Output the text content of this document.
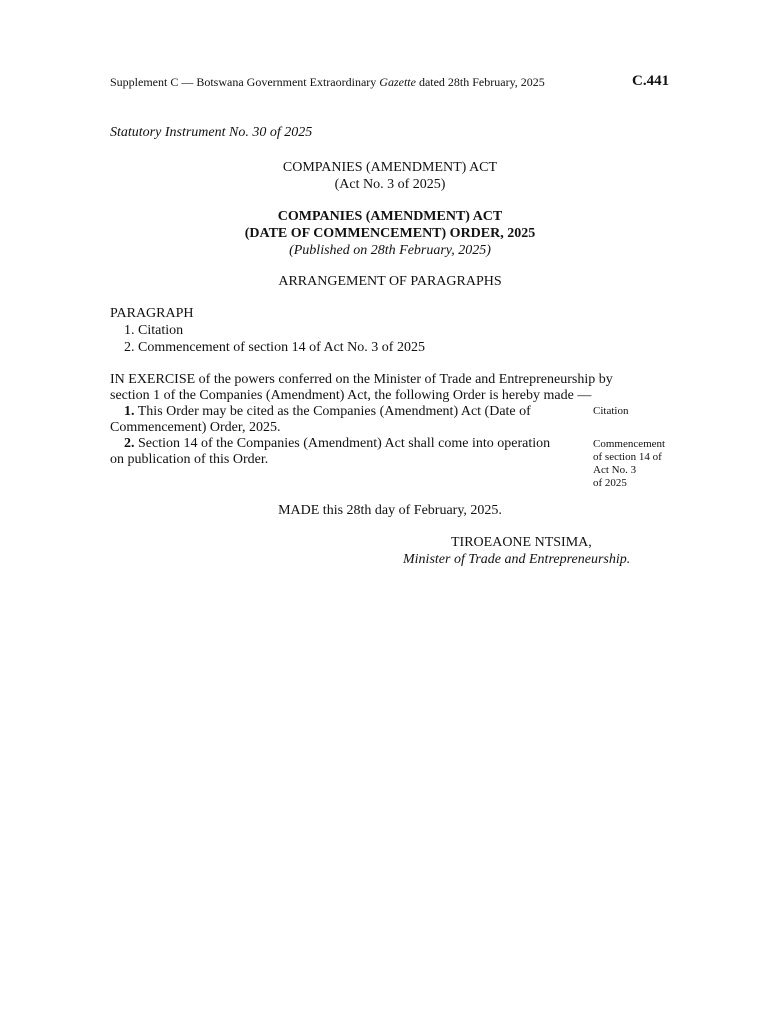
Supplement C — Botswana Government Extraordinary Gazette dated 28th February, 2025	C.441
Statutory Instrument No. 30 of 2025
COMPANIES (AMENDMENT) ACT
(Act No. 3 of 2025)
COMPANIES (AMENDMENT) ACT
(DATE OF COMMENCEMENT) ORDER, 2025
(Published on 28th February, 2025)
ARRANGEMENT OF PARAGRAPHS
PARAGRAPH
1. Citation
2. Commencement of section 14 of Act No. 3 of 2025
IN EXERCISE of the powers conferred on the Minister of Trade and Entrepreneurship by
section 1 of the Companies (Amendment) Act, the following Order is hereby made —
1. This Order may be cited as the Companies (Amendment) Act (Date of
Commencement) Order, 2025.
Citation
2. Section 14 of the Companies (Amendment) Act shall come into operation
on publication of this Order.
Commencement
of section 14 of
Act No. 3
of 2025
MADE this 28th day of February, 2025.
TIROEAONE NTSIMA,
Minister of Trade and Entrepreneurship.
